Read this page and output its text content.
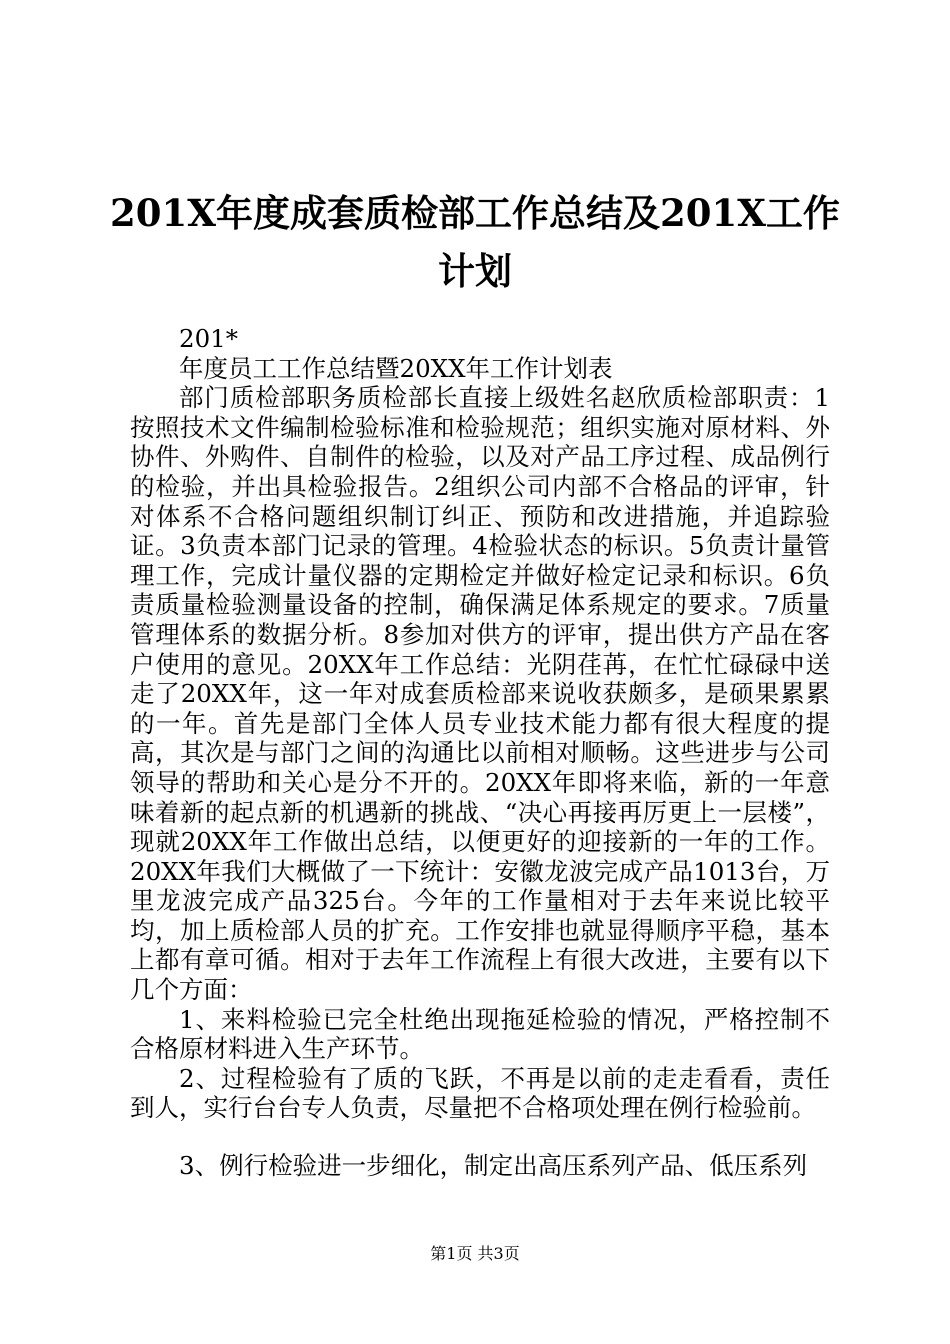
201X年度成套质检部工作总结及201X工作计划

201*

年度员工工作总结暨20XX年工作计划表

部门质检部职务质检部长直接上级姓名赵欣质检部职责：1按照技术文件编制检验标准和检验规范；组织实施对原材料、外协件、外购件、自制件的检验，以及对产品工序过程、成品例行的检验，并出具检验报告。2组织公司内部不合格品的评审，针对体系不合格问题组织制订纠正、预防和改进措施，并追踪验证。3负责本部门记录的管理。4检验状态的标识。5负责计量管理工作，完成计量仪器的定期检定并做好检定记录和标识。6负责质量检验测量设备的控制，确保满足体系规定的要求。7质量管理体系的数据分析。8参加对供方的评审，提出供方产品在客户使用的意见。20XX年工作总结：光阴荏苒，在忙忙碌碌中送走了20XX年，这一年对成套质检部来说收获颇多，是硕果累累的一年。首先是部门全体人员专业技术能力都有很大程度的提高，其次是与部门之间的沟通比以前相对顺畅。这些进步与公司领导的帮助和关心是分不开的。20XX年即将来临，新的一年意味着新的起点新的机遇新的挑战、“决心再接再厉更上一层楼”，现就20XX年工作做出总结，以便更好的迎接新的一年的工作。20XX年我们大概做了一下统计：安徽龙波完成产品1013台，万里龙波完成产品325台。今年的工作量相对于去年来说比较平均，加上质检部人员的扩充。工作安排也就显得顺序平稳，基本上都有章可循。相对于去年工作流程上有很大改进，主要有以下几个方面：

1、来料检验已完全杜绝出现拖延检验的情况，严格控制不合格原材料进入生产环节。

2、过程检验有了质的飞跃，不再是以前的走走看看，责任到人，实行台台专人负责，尽量把不合格项处理在例行检验前。

3、例行检验进一步细化，制定出高压系列产品、低压系列

第1页 共3页
